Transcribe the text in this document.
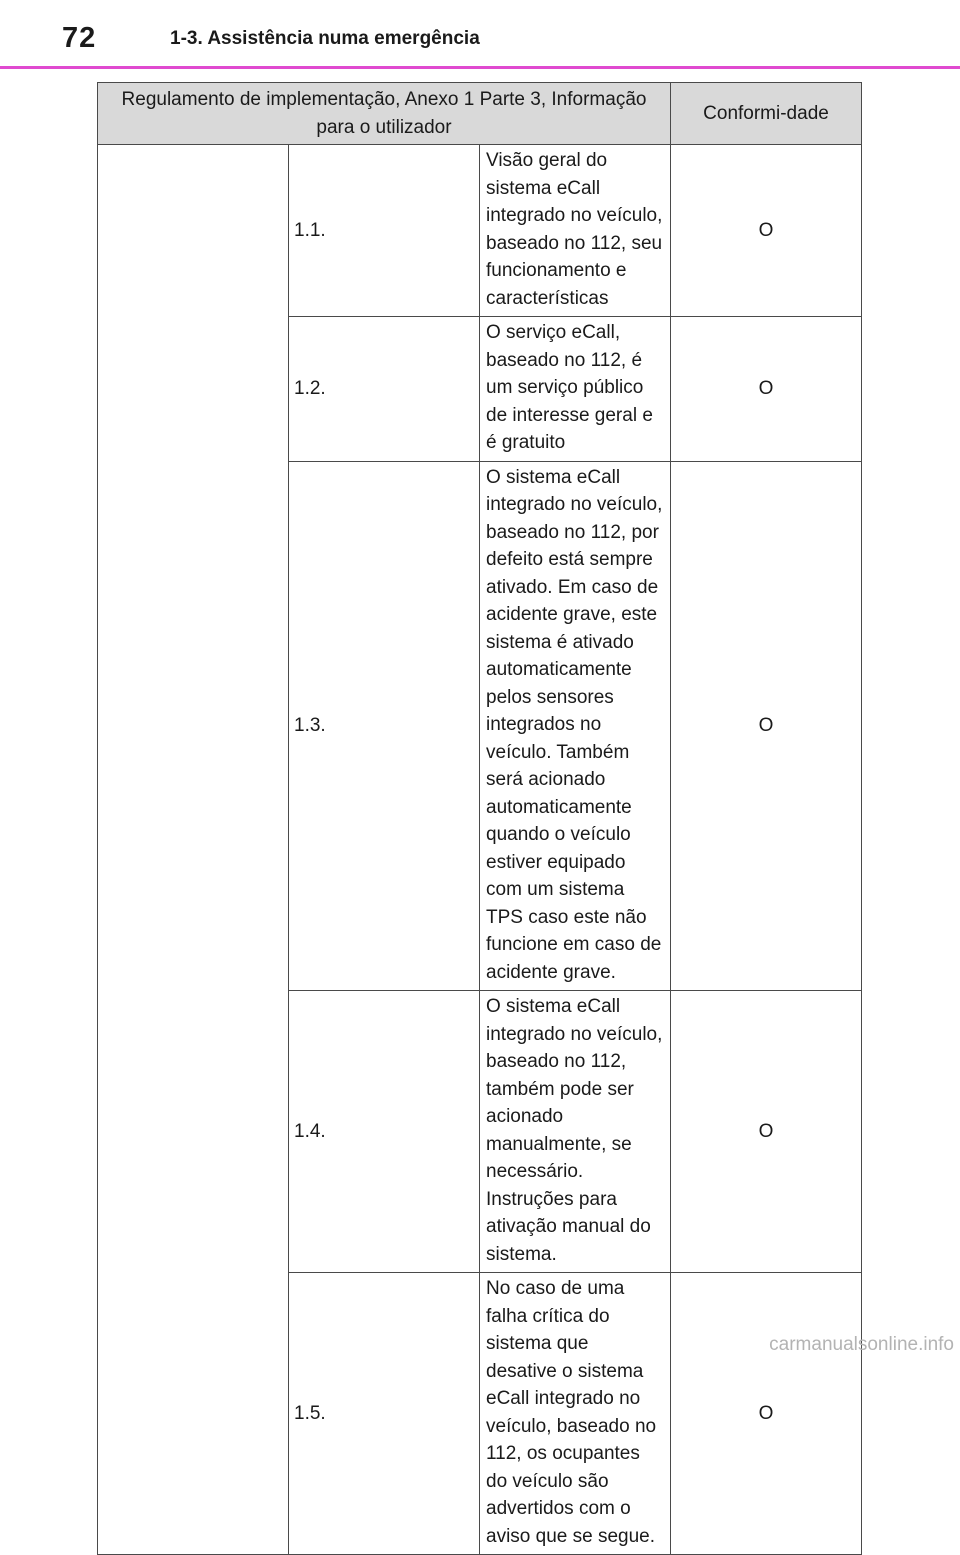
72	1-3. Assistência numa emergência
Regulamento de implementação, Anexo 1 Parte 3, Informação para o utilizador			Conformi-dade
	1.1.	Visão geral do sistema eCall integrado no veículo, baseado no 112, seu funcionamento e características	O
	1.2.	O serviço eCall, baseado no 112, é um serviço público de interesse geral e é gratuito	O
	1.3.	O sistema eCall integrado no veículo, baseado no 112, por defeito está sempre ativado. Em caso de acidente grave, este sistema é ativado automaticamente pelos sensores integrados no veículo. Também será acionado automaticamente quando o veículo estiver equipado com um sistema TPS caso este não funcione em caso de acidente grave.	O
	1.4.	O sistema eCall integrado no veículo, baseado no 112, também pode ser acionado manualmente, se necessário. Instruções para ativação manual do sistema.	O
	1.5.	No caso de uma falha crítica do sistema que desative o sistema eCall integrado no veículo, baseado no 112, os ocupantes do veículo são advertidos com o aviso que se segue.	O
carmanualsonline.info
